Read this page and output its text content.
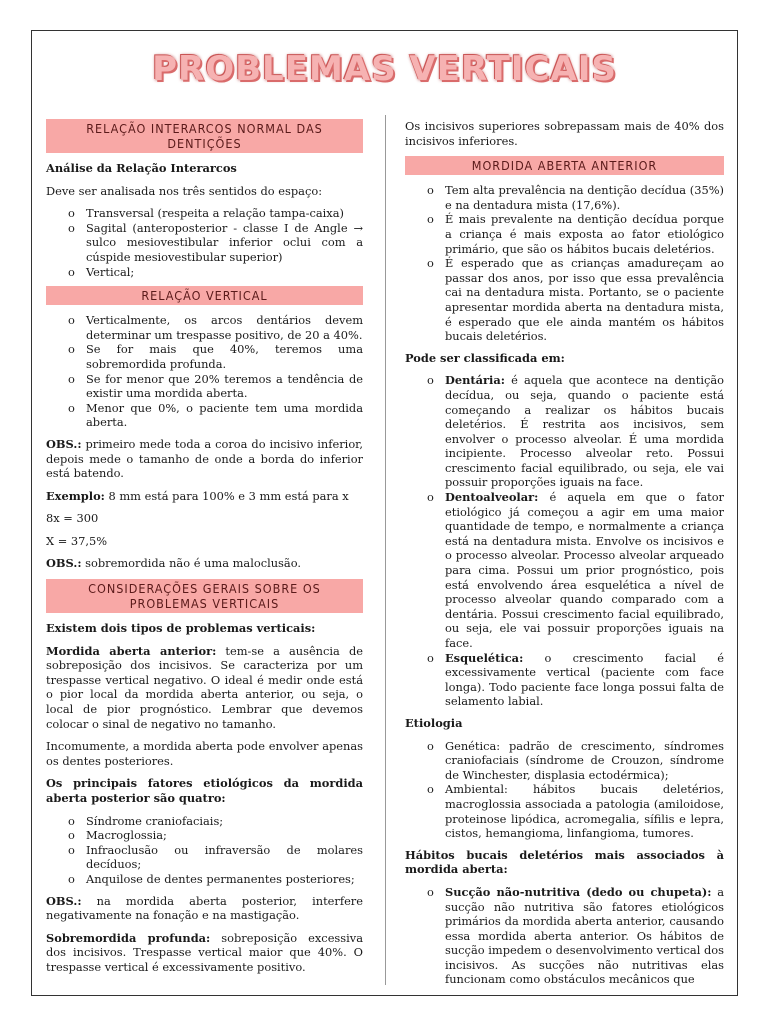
PROBLEMAS VERTICAIS
RELAÇÃO INTERARCOS NORMAL DAS DENTIÇÕES

Análise da Relação Interarcos

Deve ser analisada nos três sentidos do espaço:

o Transversal (respeita a relação tampa-caixa)
o Sagital (anteroposterior - classe I de Angle → sulco mesiovestibular inferior oclui com a cúspide mesiovestibular superior)
o Vertical;
RELAÇÃO VERTICAL
o Verticalmente, os arcos dentários devem determinar um trespasse positivo, de 20 a 40%.
o Se for mais que 40%, teremos uma sobremordida profunda.
o Se for menor que 20% teremos a tendência de existir uma mordida aberta.
o Menor que 0%, o paciente tem uma mordida aberta.

OBS.: primeiro mede toda a coroa do incisivo inferior, depois mede o tamanho de onde a borda do inferior está batendo.

Exemplo: 8 mm está para 100% e 3 mm está para x

8x = 300

X = 37,5%

OBS.: sobremordida não é uma maloclusão.

CONSIDERAÇÕES GERAIS SOBRE OS PROBLEMAS VERTICAIS

Existem dois tipos de problemas verticais:

Mordida aberta anterior: tem-se a ausência de sobreposição dos incisivos. Se caracteriza por um trespasse vertical negativo. O ideal é medir onde está o pior local da mordida aberta anterior, ou seja, o local de pior prognóstico. Lembrar que devemos colocar o sinal de negativo no tamanho.

Incomumente, a mordida aberta pode envolver apenas os dentes posteriores.

Os principais fatores etiológicos da mordida aberta posterior são quatro:

o Síndrome craniofaciais;
o Macroglossia;
o Infraoclusão ou infraversão de molares decíduos;
o Anquilose de dentes permanentes posteriores;

OBS.: na mordida aberta posterior, interfere negativamente na fonação e na mastigação.

Sobremordida profunda: sobreposição excessiva dos incisivos. Trespasse vertical maior que 40%. O trespasse vertical é excessivamente positivo.

Os incisivos superiores sobrepassam mais de 40% dos incisivos inferiores.

MORDIDA ABERTA ANTERIOR
o Tem alta prevalência na dentição decídua (35%) e na dentadura mista (17,6%).
o É mais prevalente na dentição decídua porque a criança é mais exposta ao fator etiológico primário, que são os hábitos bucais deletérios.
o É esperado que as crianças amadureçam ao passar dos anos, por isso que essa prevalência cai na dentadura mista. Portanto, se o paciente apresentar mordida aberta na dentadura mista, é esperado que ele ainda mantém os hábitos bucais deletérios.

Pode ser classificada em:

o Dentária: é aquela que acontece na dentição decídua, ou seja, quando o paciente está começando a realizar os hábitos bucais deletérios. É restrita aos incisivos, sem envolver o processo alveolar. É uma mordida incipiente. Processo alveolar reto. Possui crescimento facial equilibrado, ou seja, ele vai possuir proporções iguais na face.
o Dentoalveolar: é aquela em que o fator etiológico já começou a agir em uma maior quantidade de tempo, e normalmente a criança está na dentadura mista. Envolve os incisivos e o processo alveolar. Processo alveolar arqueado para cima. Possui um prior prognóstico, pois está envolvendo área esquelética a nível de processo alveolar quando comparado com a dentária. Possui crescimento facial equilibrado, ou seja, ele vai possuir proporções iguais na face.
o Esquelética: o crescimento facial é excessivamente vertical (paciente com face longa). Todo paciente face longa possui falta de selamento labial.

Etiologia

o Genética: padrão de crescimento, síndromes craniofaciais (síndrome de Crouzon, síndrome de Winchester, displasia ectodérmica);
o Ambiental: hábitos bucais deletérios, macroglossia associada a patologia (amiloidose, proteinose lipódica, acromegalia, sífilis e lepra, cistos, hemangioma, linfangioma, tumores.

Hábitos bucais deletérios mais associados à mordida aberta:

o Sucção não-nutritiva (dedo ou chupeta): a sucção não nutritiva são fatores etiológicos primários da mordida aberta anterior, causando essa mordida aberta anterior. Os hábitos de sucção impedem o desenvolvimento vertical dos incisivos. As sucções não nutritivas elas funcionam como obstáculos mecânicos que
